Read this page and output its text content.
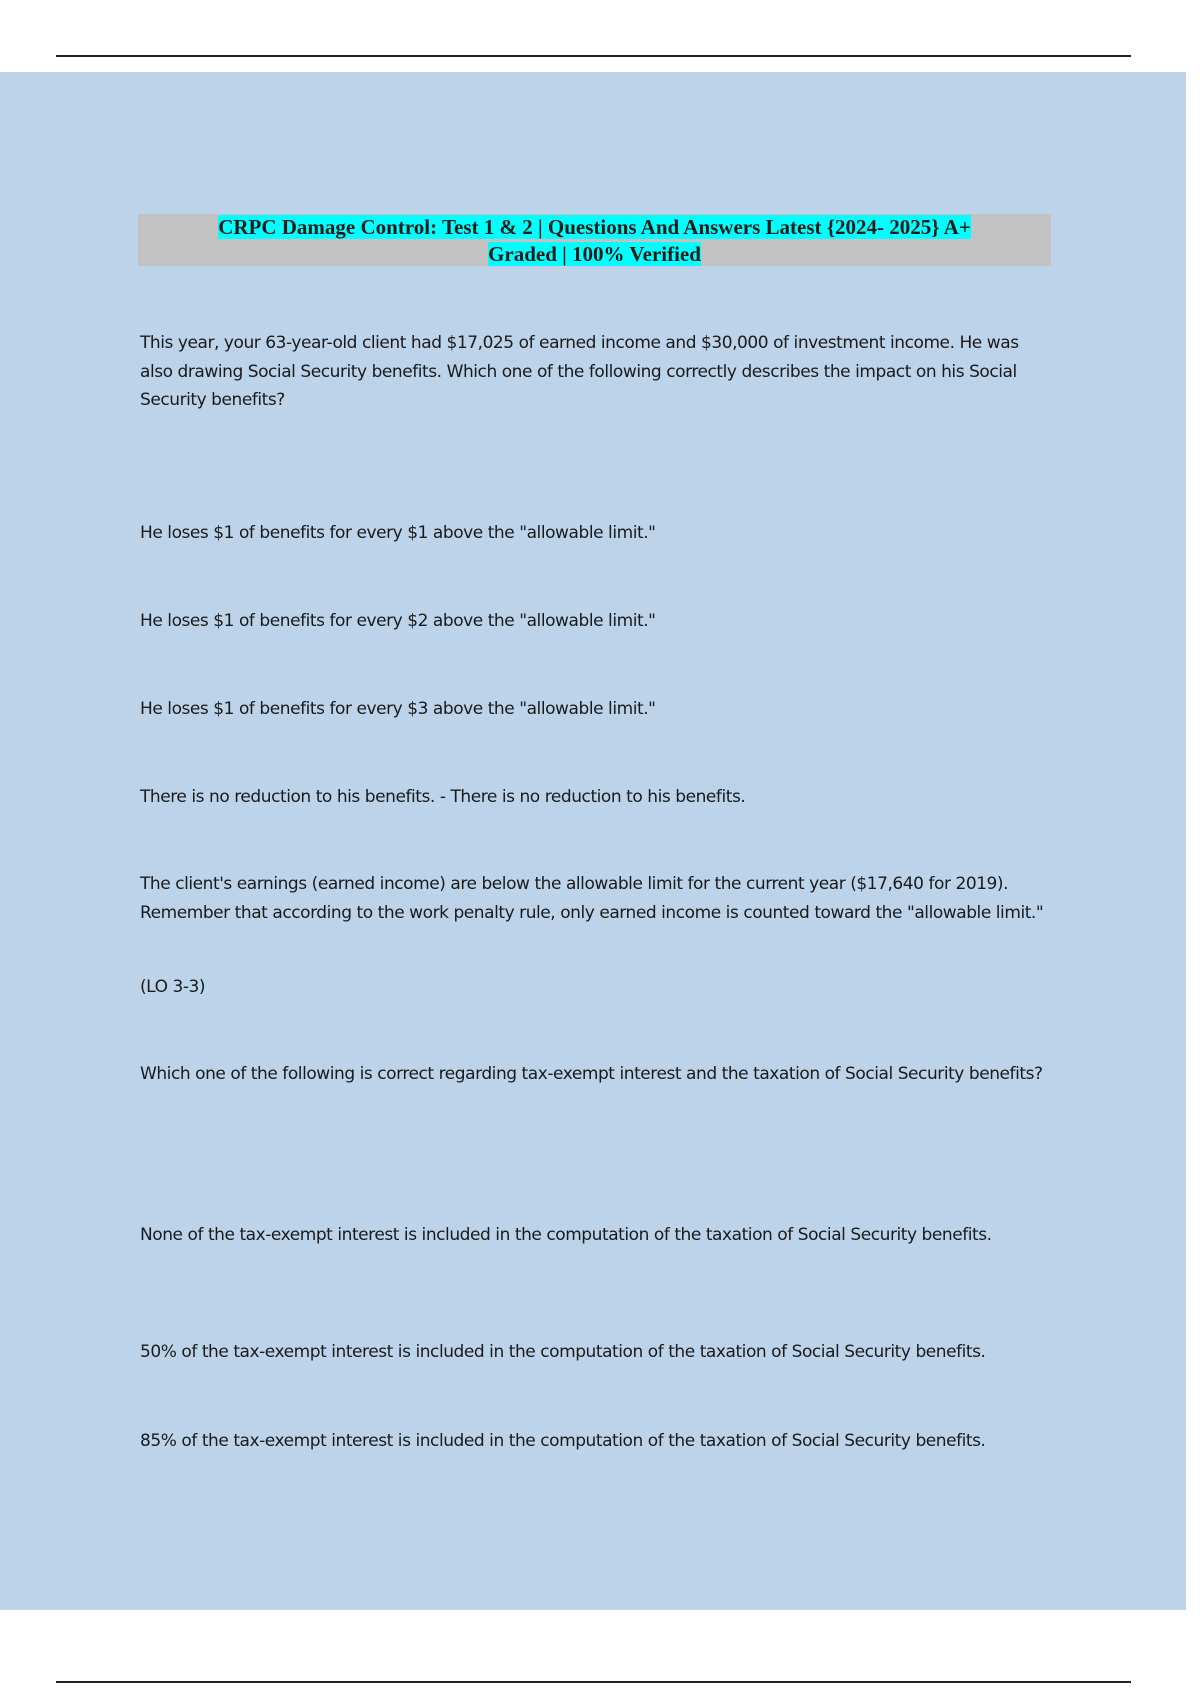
CRPC Damage Control: Test 1 & 2 | Questions And Answers Latest {2024- 2025} A+
Graded | 100% Verified

This year, your 63-year-old client had $17,025 of earned income and $30,000 of investment income. He was also drawing Social Security benefits. Which one of the following correctly describes the impact on his Social Security benefits?

He loses $1 of benefits for every $1 above the "allowable limit."

He loses $1 of benefits for every $2 above the "allowable limit."

He loses $1 of benefits for every $3 above the "allowable limit."

There is no reduction to his benefits. - There is no reduction to his benefits.

The client's earnings (earned income) are below the allowable limit for the current year ($17,640 for 2019). Remember that according to the work penalty rule, only earned income is counted toward the "allowable limit."

(LO 3-3)

Which one of the following is correct regarding tax-exempt interest and the taxation of Social Security benefits?

None of the tax-exempt interest is included in the computation of the taxation of Social Security benefits.

50% of the tax-exempt interest is included in the computation of the taxation of Social Security benefits.

85% of the tax-exempt interest is included in the computation of the taxation of Social Security benefits.
